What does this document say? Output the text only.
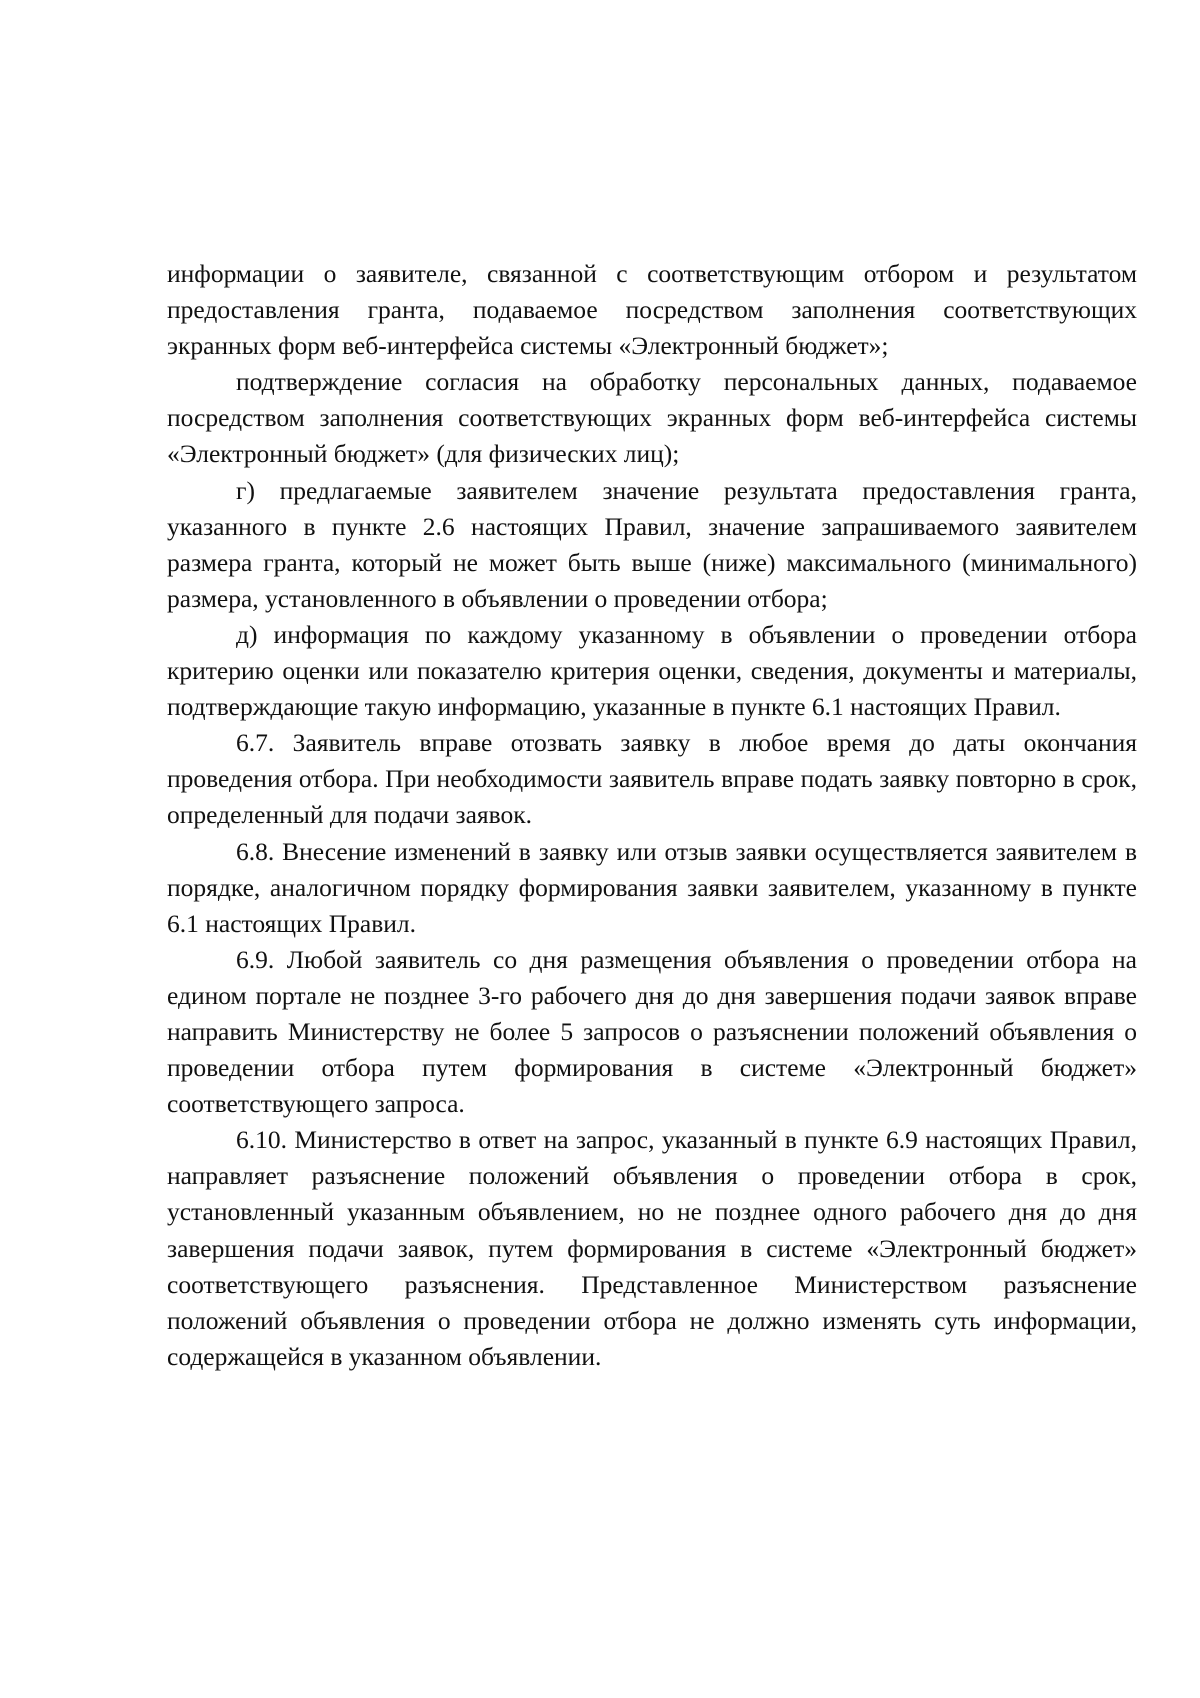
информации о заявителе, связанной с соответствующим отбором и результатом предоставления гранта, подаваемое посредством заполнения соответствующих экранных форм веб-интерфейса системы «Электронный бюджет»;

подтверждение согласия на обработку персональных данных, подаваемое посредством заполнения соответствующих экранных форм веб-интерфейса системы «Электронный бюджет» (для физических лиц);

г) предлагаемые заявителем значение результата предоставления гранта, указанного в пункте 2.6 настоящих Правил, значение запрашиваемого заявителем размера гранта, который не может быть выше (ниже) максимального (минимального) размера, установленного в объявлении о проведении отбора;

д) информация по каждому указанному в объявлении о проведении отбора критерию оценки или показателю критерия оценки, сведения, документы и материалы, подтверждающие такую информацию, указанные в пункте 6.1 настоящих Правил.

6.7. Заявитель вправе отозвать заявку в любое время до даты окончания проведения отбора. При необходимости заявитель вправе подать заявку повторно в срок, определенный для подачи заявок.

6.8. Внесение изменений в заявку или отзыв заявки осуществляется заявителем в порядке, аналогичном порядку формирования заявки заявителем, указанному в пункте 6.1 настоящих Правил.

6.9. Любой заявитель со дня размещения объявления о проведении отбора на едином портале не позднее 3-го рабочего дня до дня завершения подачи заявок вправе направить Министерству не более 5 запросов о разъяснении положений объявления о проведении отбора путем формирования в системе «Электронный бюджет» соответствующего запроса.

6.10. Министерство в ответ на запрос, указанный в пункте 6.9 настоящих Правил, направляет разъяснение положений объявления о проведении отбора в срок, установленный указанным объявлением, но не позднее одного рабочего дня до дня завершения подачи заявок, путем формирования в системе «Электронный бюджет» соответствующего разъяснения. Представленное Министерством разъяснение положений объявления о проведении отбора не должно изменять суть информации, содержащейся в указанном объявлении.
